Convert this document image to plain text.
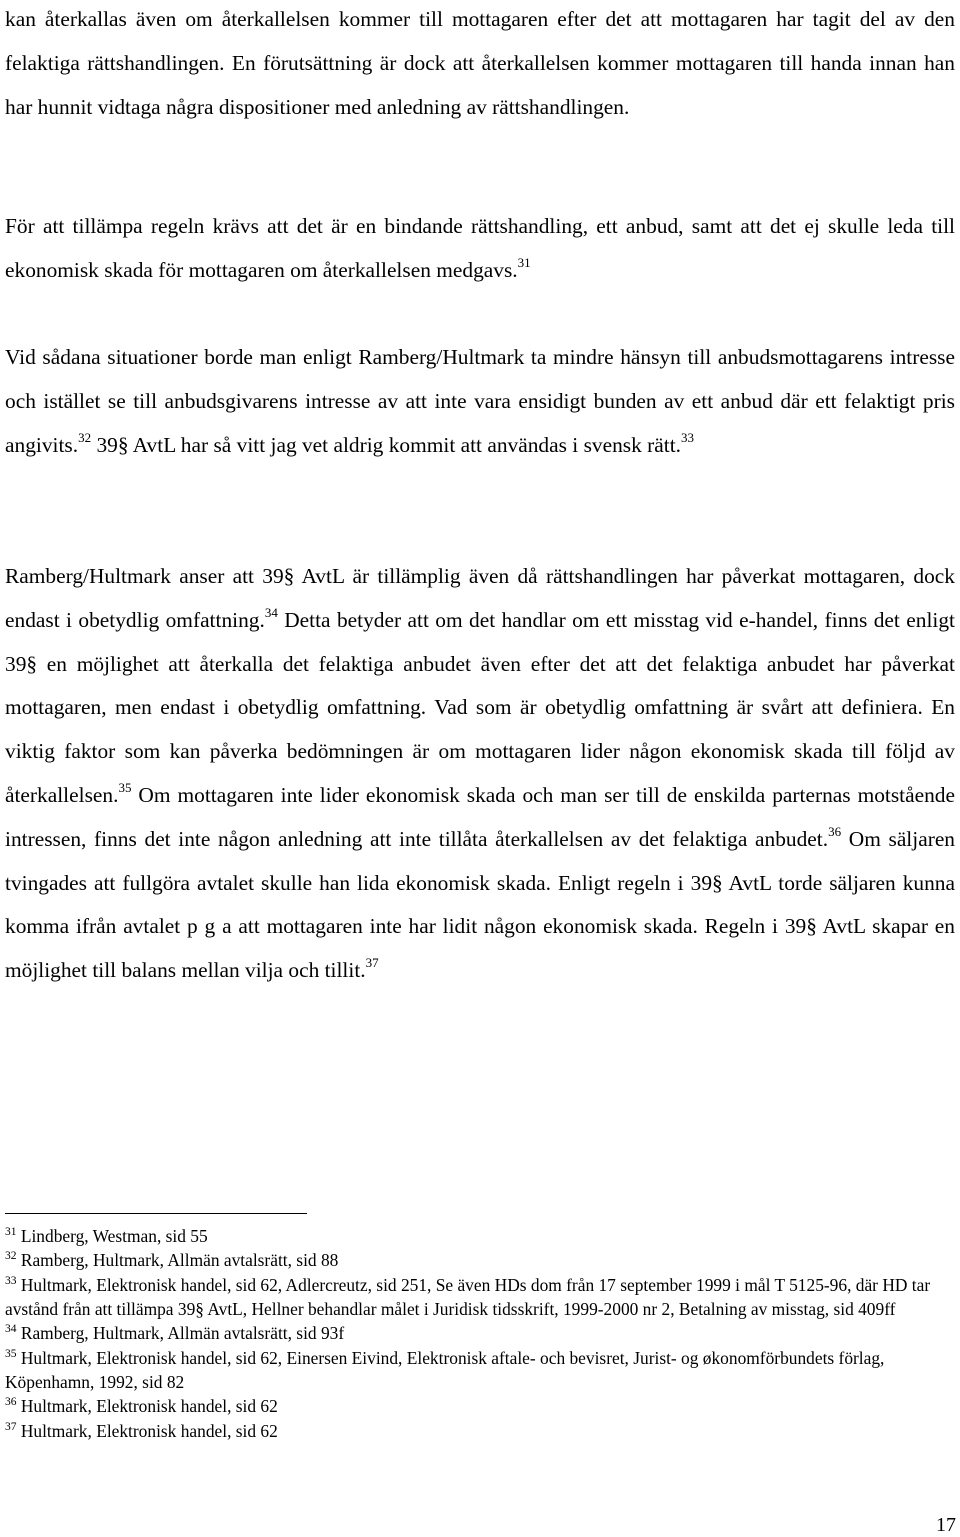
kan återkallas även om återkallelsen kommer till mottagaren efter det att mottagaren har tagit del av den felaktiga rättshandlingen. En förutsättning är dock att återkallelsen kommer mottagaren till handa innan han har hunnit vidtaga några dispositioner med anledning av rättshandlingen.

För att tillämpa regeln krävs att det är en bindande rättshandling, ett anbud, samt att det ej skulle leda till ekonomisk skada för mottagaren om återkallelsen medgavs.$^{31}$

Vid sådana situationer borde man enligt Ramberg/Hultmark ta mindre hänsyn till anbudsmottagarens intresse och istället se till anbudsgivarens intresse av att inte vara ensidigt bunden av ett anbud där ett felaktigt pris angivits.$^{32}$ 39§ AvtL har så vitt jag vet aldrig kommit att användas i svensk rätt.$^{33}$

Ramberg/Hultmark anser att 39§ AvtL är tillämplig även då rättshandlingen har påverkat mottagaren, dock endast i obetydlig omfattning.$^{34}$ Detta betyder att om det handlar om ett misstag vid e-handel, finns det enligt 39§ en möjlighet att återkalla det felaktiga anbudet även efter det att det felaktiga anbudet har påverkat mottagaren, men endast i obetydlig omfattning. Vad som är obetydlig omfattning är svårt att definiera. En viktig faktor som kan påverka bedömningen är om mottagaren lider någon ekonomisk skada till följd av återkallelsen.$^{35}$ Om mottagaren inte lider ekonomisk skada och man ser till de enskilda parternas motstående intressen, finns det inte någon anledning att inte tillåta återkallelsen av det felaktiga anbudet.$^{36}$ Om säljaren tvingades att fullgöra avtalet skulle han lida ekonomisk skada. Enligt regeln i 39§ AvtL torde säljaren kunna komma ifrån avtalet p g a att mottagaren inte har lidit någon ekonomisk skada. Regeln i 39§ AvtL skapar en möjlighet till balans mellan vilja och tillit.$^{37}$

$^{31}$ Lindberg, Westman, sid 55

$^{32}$ Ramberg, Hultmark, Allmän avtalsrätt, sid 88

$^{33}$ Hultmark, Elektronisk handel, sid 62, Adlercreutz, sid 251, Se även HDs dom från 17 september 1999 i mål T 5125-96, där HD tar avstånd från att tillämpa 39§ AvtL, Hellner behandlar målet i Juridisk tidsskrift, 1999-2000 nr 2, Betalning av misstag, sid 409ff

$^{34}$ Ramberg, Hultmark, Allmän avtalsrätt, sid 93f

$^{35}$ Hultmark, Elektronisk handel, sid 62, Einersen Eivind, Elektronisk aftale- och bevisret, Jurist- og økonomförbundets förlag, Köpenhamn, 1992, sid 82

$^{36}$ Hultmark, Elektronisk handel, sid 62

$^{37}$ Hultmark, Elektronisk handel, sid 62

17
